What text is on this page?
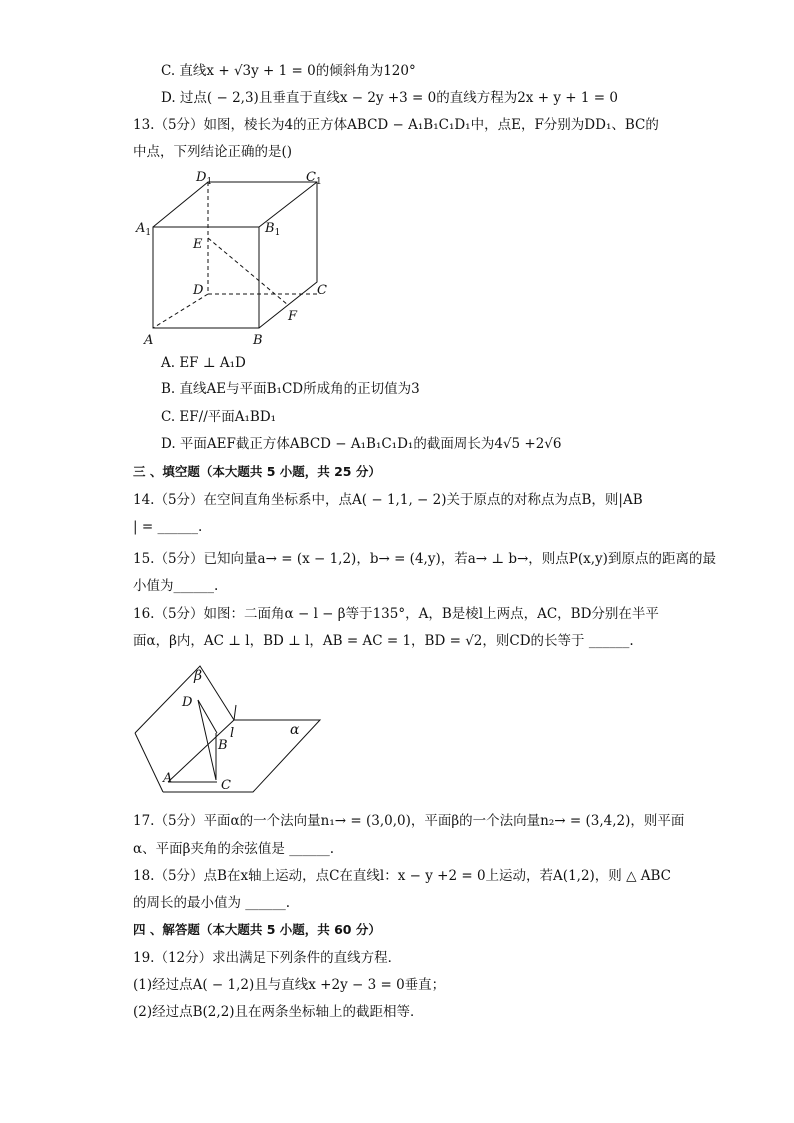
C. 直线x + √3y + 1 = 0的倾斜角为120°
D. 过点( − 2,3)且垂直于直线x − 2y +3 = 0的直线方程为2x + y + 1 = 0
13.（5分）如图，棱长为4的正方体ABCD − A₁B₁C₁D₁中，点E，F分别为DD₁、BC的
中点，下列结论正确的是()
$D_1$	$C_1$
$A_1$	$B_1$
E
D	C
F
A	B
A. EF ⊥ A₁D
B. 直线AE与平面B₁CD所成角的正切值为3
C. EF//平面A₁BD₁
D. 平面AEF截正方体ABCD − A₁B₁C₁D₁的截面周长为4√5 +2√6
三 、填空题（本大题共 5 小题，共 25 分）
14.（5分）在空间直角坐标系中，点A( − 1,1, − 2)关于原点的对称点为点B，则|AB
| = ______.
15.（5分）已知向量a→ = (x − 1,2)，b→ = (4,y)，若a→ ⊥ b→，则点P(x,y)到原点的距离的最
小值为______.
16.（5分）如图：二面角α − l − β等于135°，A，B是棱l上两点，AC，BD分别在半平
面α，β内，AC ⊥ l，BD ⊥ l，AB = AC = 1，BD = √2，则CD的长等于 ______.
β
D
l	α
B
A	C
17.（5分）平面α的一个法向量n₁→ = (3,0,0)，平面β的一个法向量n₂→ = (3,4,2)，则平面
α、平面β夹角的余弦值是 ______.
18.（5分）点B在x轴上运动，点C在直线l：x − y +2 = 0上运动，若A(1,2)，则 △ ABC
的周长的最小值为 ______.
四 、解答题（本大题共 5 小题，共 60 分）
19.（12分）求出满足下列条件的直线方程．
(1)经过点A( − 1,2)且与直线x +2y − 3 = 0垂直；
(2)经过点B(2,2)且在两条坐标轴上的截距相等．
